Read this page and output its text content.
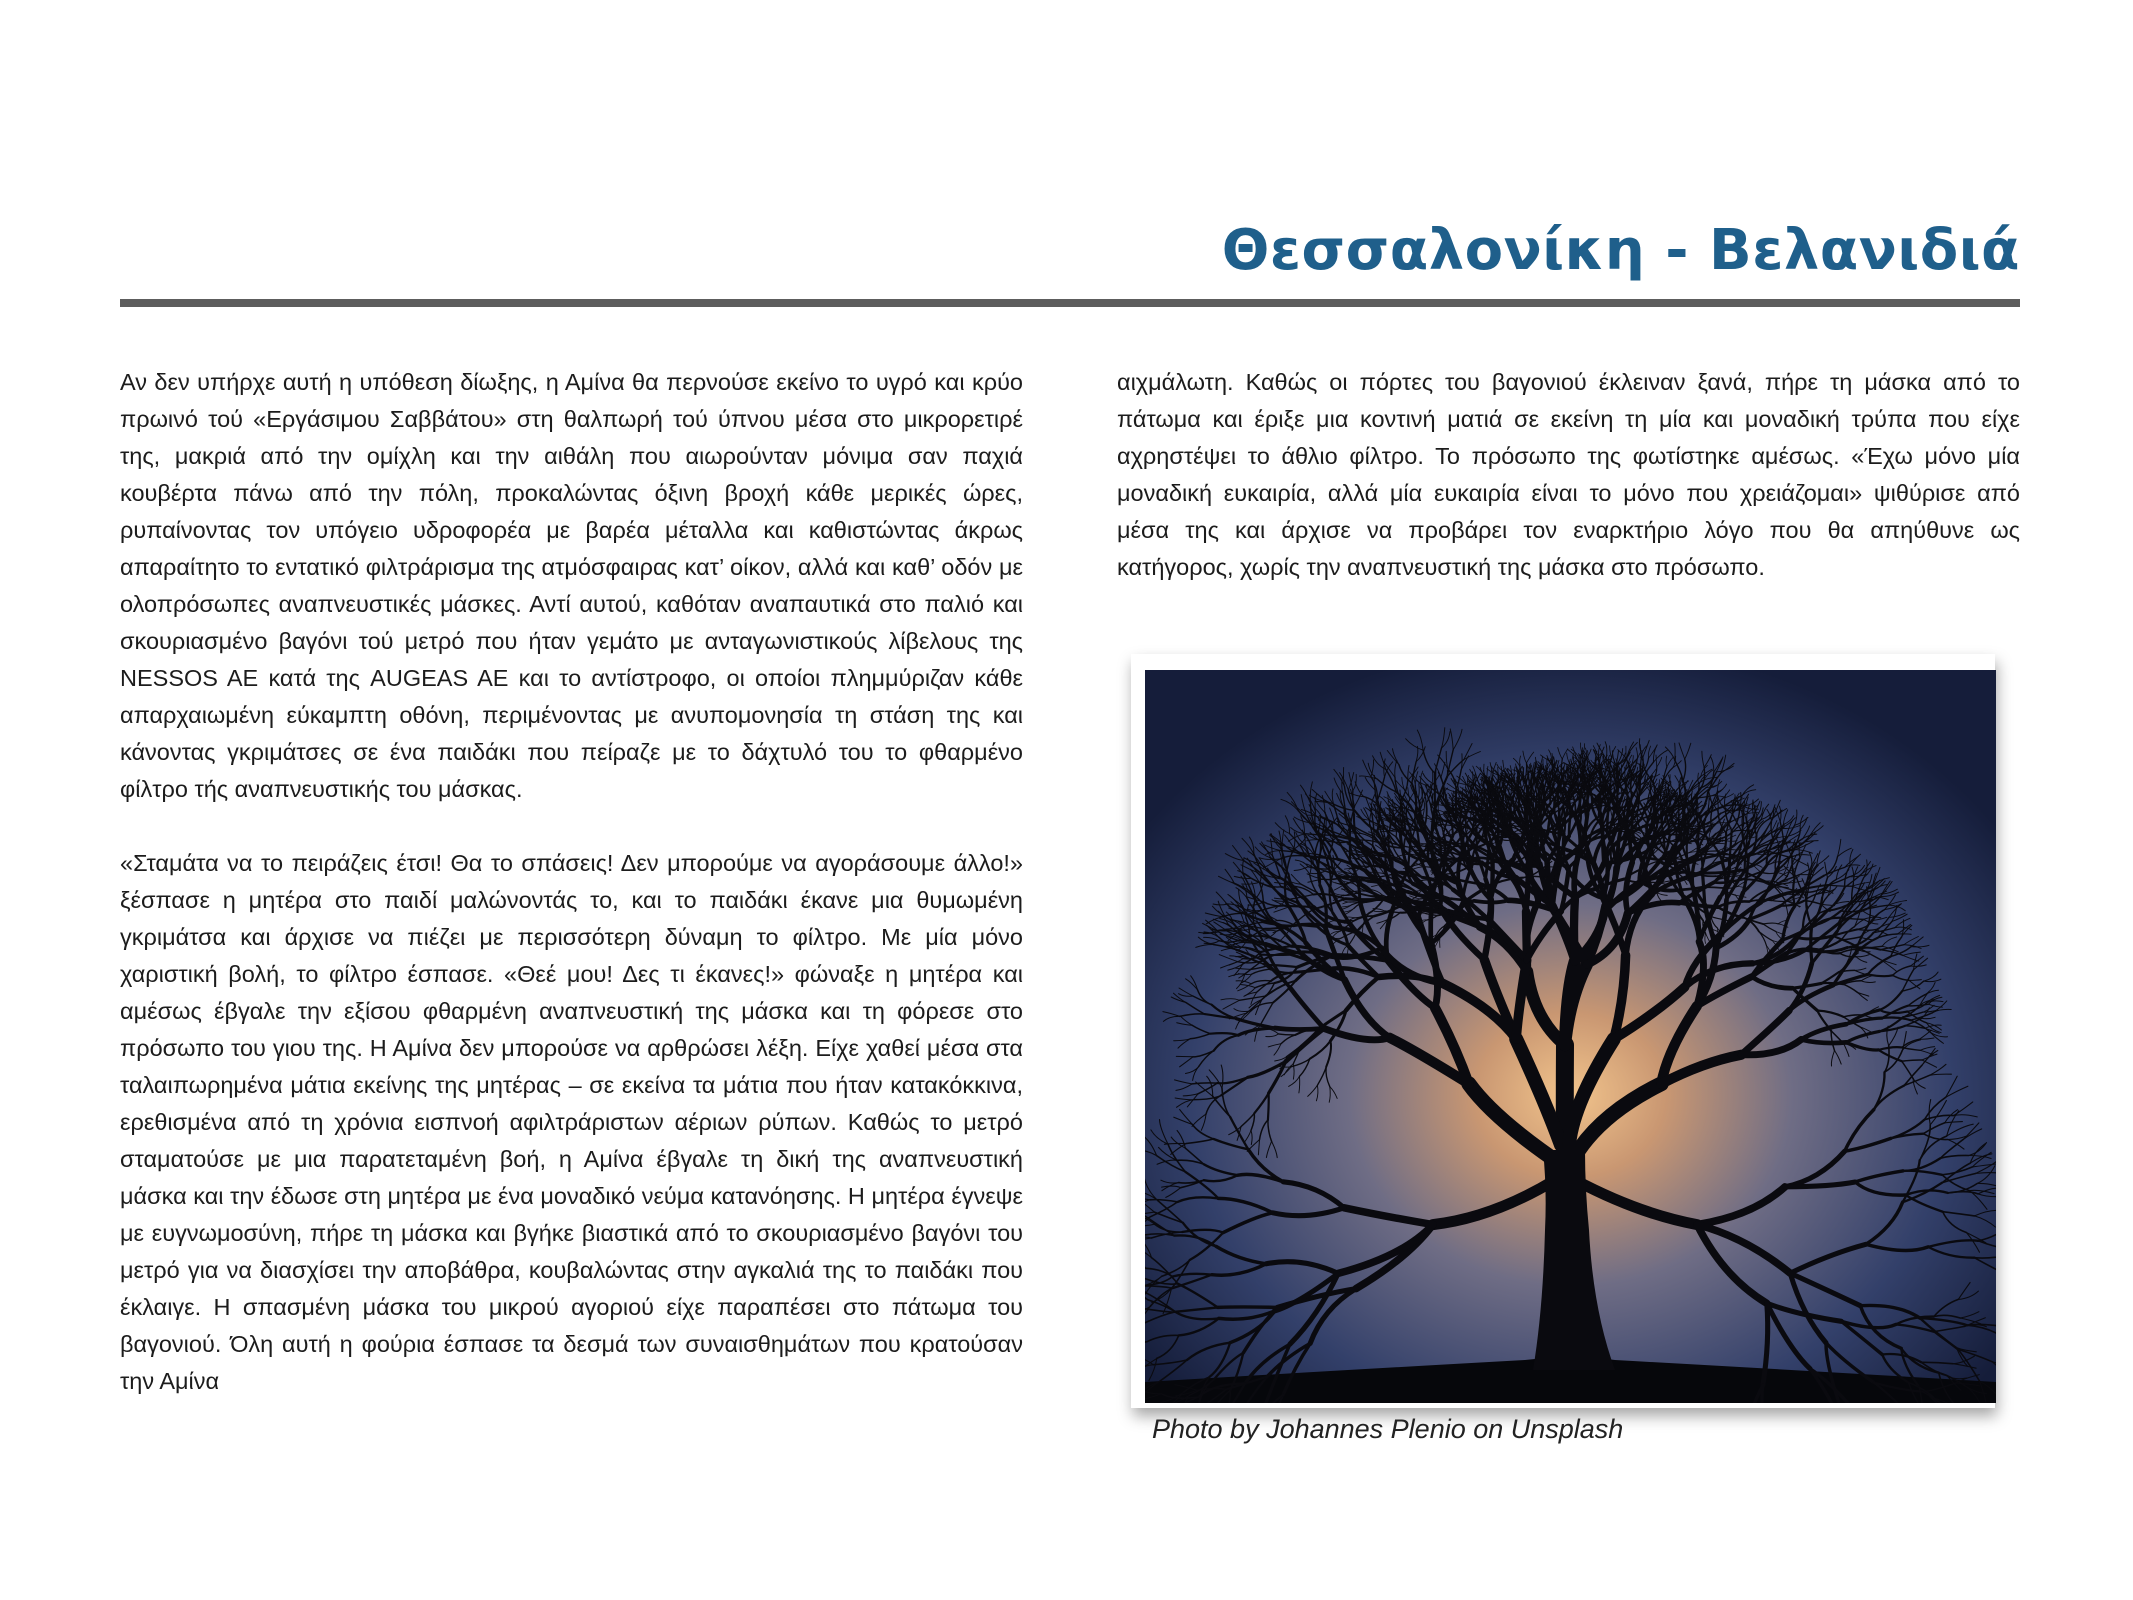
Θεσσαλονίκη - Βελανιδιά

Αν δεν υπήρχε αυτή η υπόθεση δίωξης, η Αμίνα θα περνούσε εκείνο το υγρό και κρύο πρωινό τού «Εργάσιμου Σαββάτου» στη θαλπωρή τού ύπνου μέσα στο μικρορετιρέ της, μακριά από την ομίχλη και την αιθάλη που αιωρούνταν μόνιμα σαν παχιά κουβέρτα πάνω από την πόλη, προκαλώντας όξινη βροχή κάθε μερικές ώρες, ρυπαίνοντας τον υπόγειο υδροφορέα με βαρέα μέταλλα και καθιστώντας άκρως απαραίτητο το εντατικό φιλτράρισμα της ατμόσφαιρας κατ’ οίκον, αλλά και καθ’ οδόν με ολοπρόσωπες αναπνευστικές μάσκες. Αντί αυτού, καθόταν αναπαυτικά στο παλιό και σκουριασμένο βαγόνι τού μετρό που ήταν γεμάτο με ανταγωνιστικούς λίβελους της NESSOS AE κατά της AUGEAS AE και το αντίστροφο, οι οποίοι πλημμύριζαν κάθε απαρχαιωμένη εύκαμπτη οθόνη, περιμένοντας με ανυπομονησία τη στάση της και κάνοντας γκριμάτσες σε ένα παιδάκι που πείραζε με το δάχτυλό του το φθαρμένο φίλτρο τής αναπνευστικής του μάσκας.

«Σταμάτα να το πειράζεις έτσι! Θα το σπάσεις! Δεν μπορούμε να αγοράσουμε άλλο!» ξέσπασε η μητέρα στο παιδί μαλώνοντάς το, και το παιδάκι έκανε μια θυμωμένη γκριμάτσα και άρχισε να πιέζει με περισσότερη δύναμη το φίλτρο. Με μία μόνο χαριστική βολή, το φίλτρο έσπασε. «Θεέ μου! Δες τι έκανες!» φώναξε η μητέρα και αμέσως έβγαλε την εξίσου φθαρμένη αναπνευστική της μάσκα και τη φόρεσε στο πρόσωπο του γιου της. Η Αμίνα δεν μπορούσε να αρθρώσει λέξη. Είχε χαθεί μέσα στα ταλαιπωρημένα μάτια εκείνης της μητέρας – σε εκείνα τα μάτια που ήταν κατακόκκινα, ερεθισμένα από τη χρόνια εισπνοή αφιλτράριστων αέριων ρύπων. Καθώς το μετρό σταματούσε με μια παρατεταμένη βοή, η Αμίνα έβγαλε τη δική της αναπνευστική μάσκα και την έδωσε στη μητέρα με ένα μοναδικό νεύμα κατανόησης. Η μητέρα έγνεψε με ευγνωμοσύνη, πήρε τη μάσκα και βγήκε βιαστικά από το σκουριασμένο βαγόνι του μετρό για να διασχίσει την αποβάθρα, κουβαλώντας στην αγκαλιά της το παιδάκι που έκλαιγε. Η σπασμένη μάσκα του μικρού αγοριού είχε παραπέσει στο πάτωμα του βαγονιού. Όλη αυτή η φούρια έσπασε τα δεσμά των συναισθημάτων που κρατούσαν την Αμίνα

αιχμάλωτη. Καθώς οι πόρτες του βαγονιού έκλειναν ξανά, πήρε τη μάσκα από το πάτωμα και έριξε μια κοντινή ματιά σε εκείνη τη μία και μοναδική τρύπα που είχε αχρηστέψει το άθλιο φίλτρο. Το πρόσωπο της φωτίστηκε αμέσως. «Έχω μόνο μία μοναδική ευκαιρία, αλλά μία ευκαιρία είναι το μόνο που χρειάζομαι» ψιθύρισε από μέσα της και άρχισε να προβάρει τον εναρκτήριο λόγο που θα απηύθυνε ως κατήγορος, χωρίς την αναπνευστική της μάσκα στο πρόσωπο.

Photo by Johannes Plenio on Unsplash
